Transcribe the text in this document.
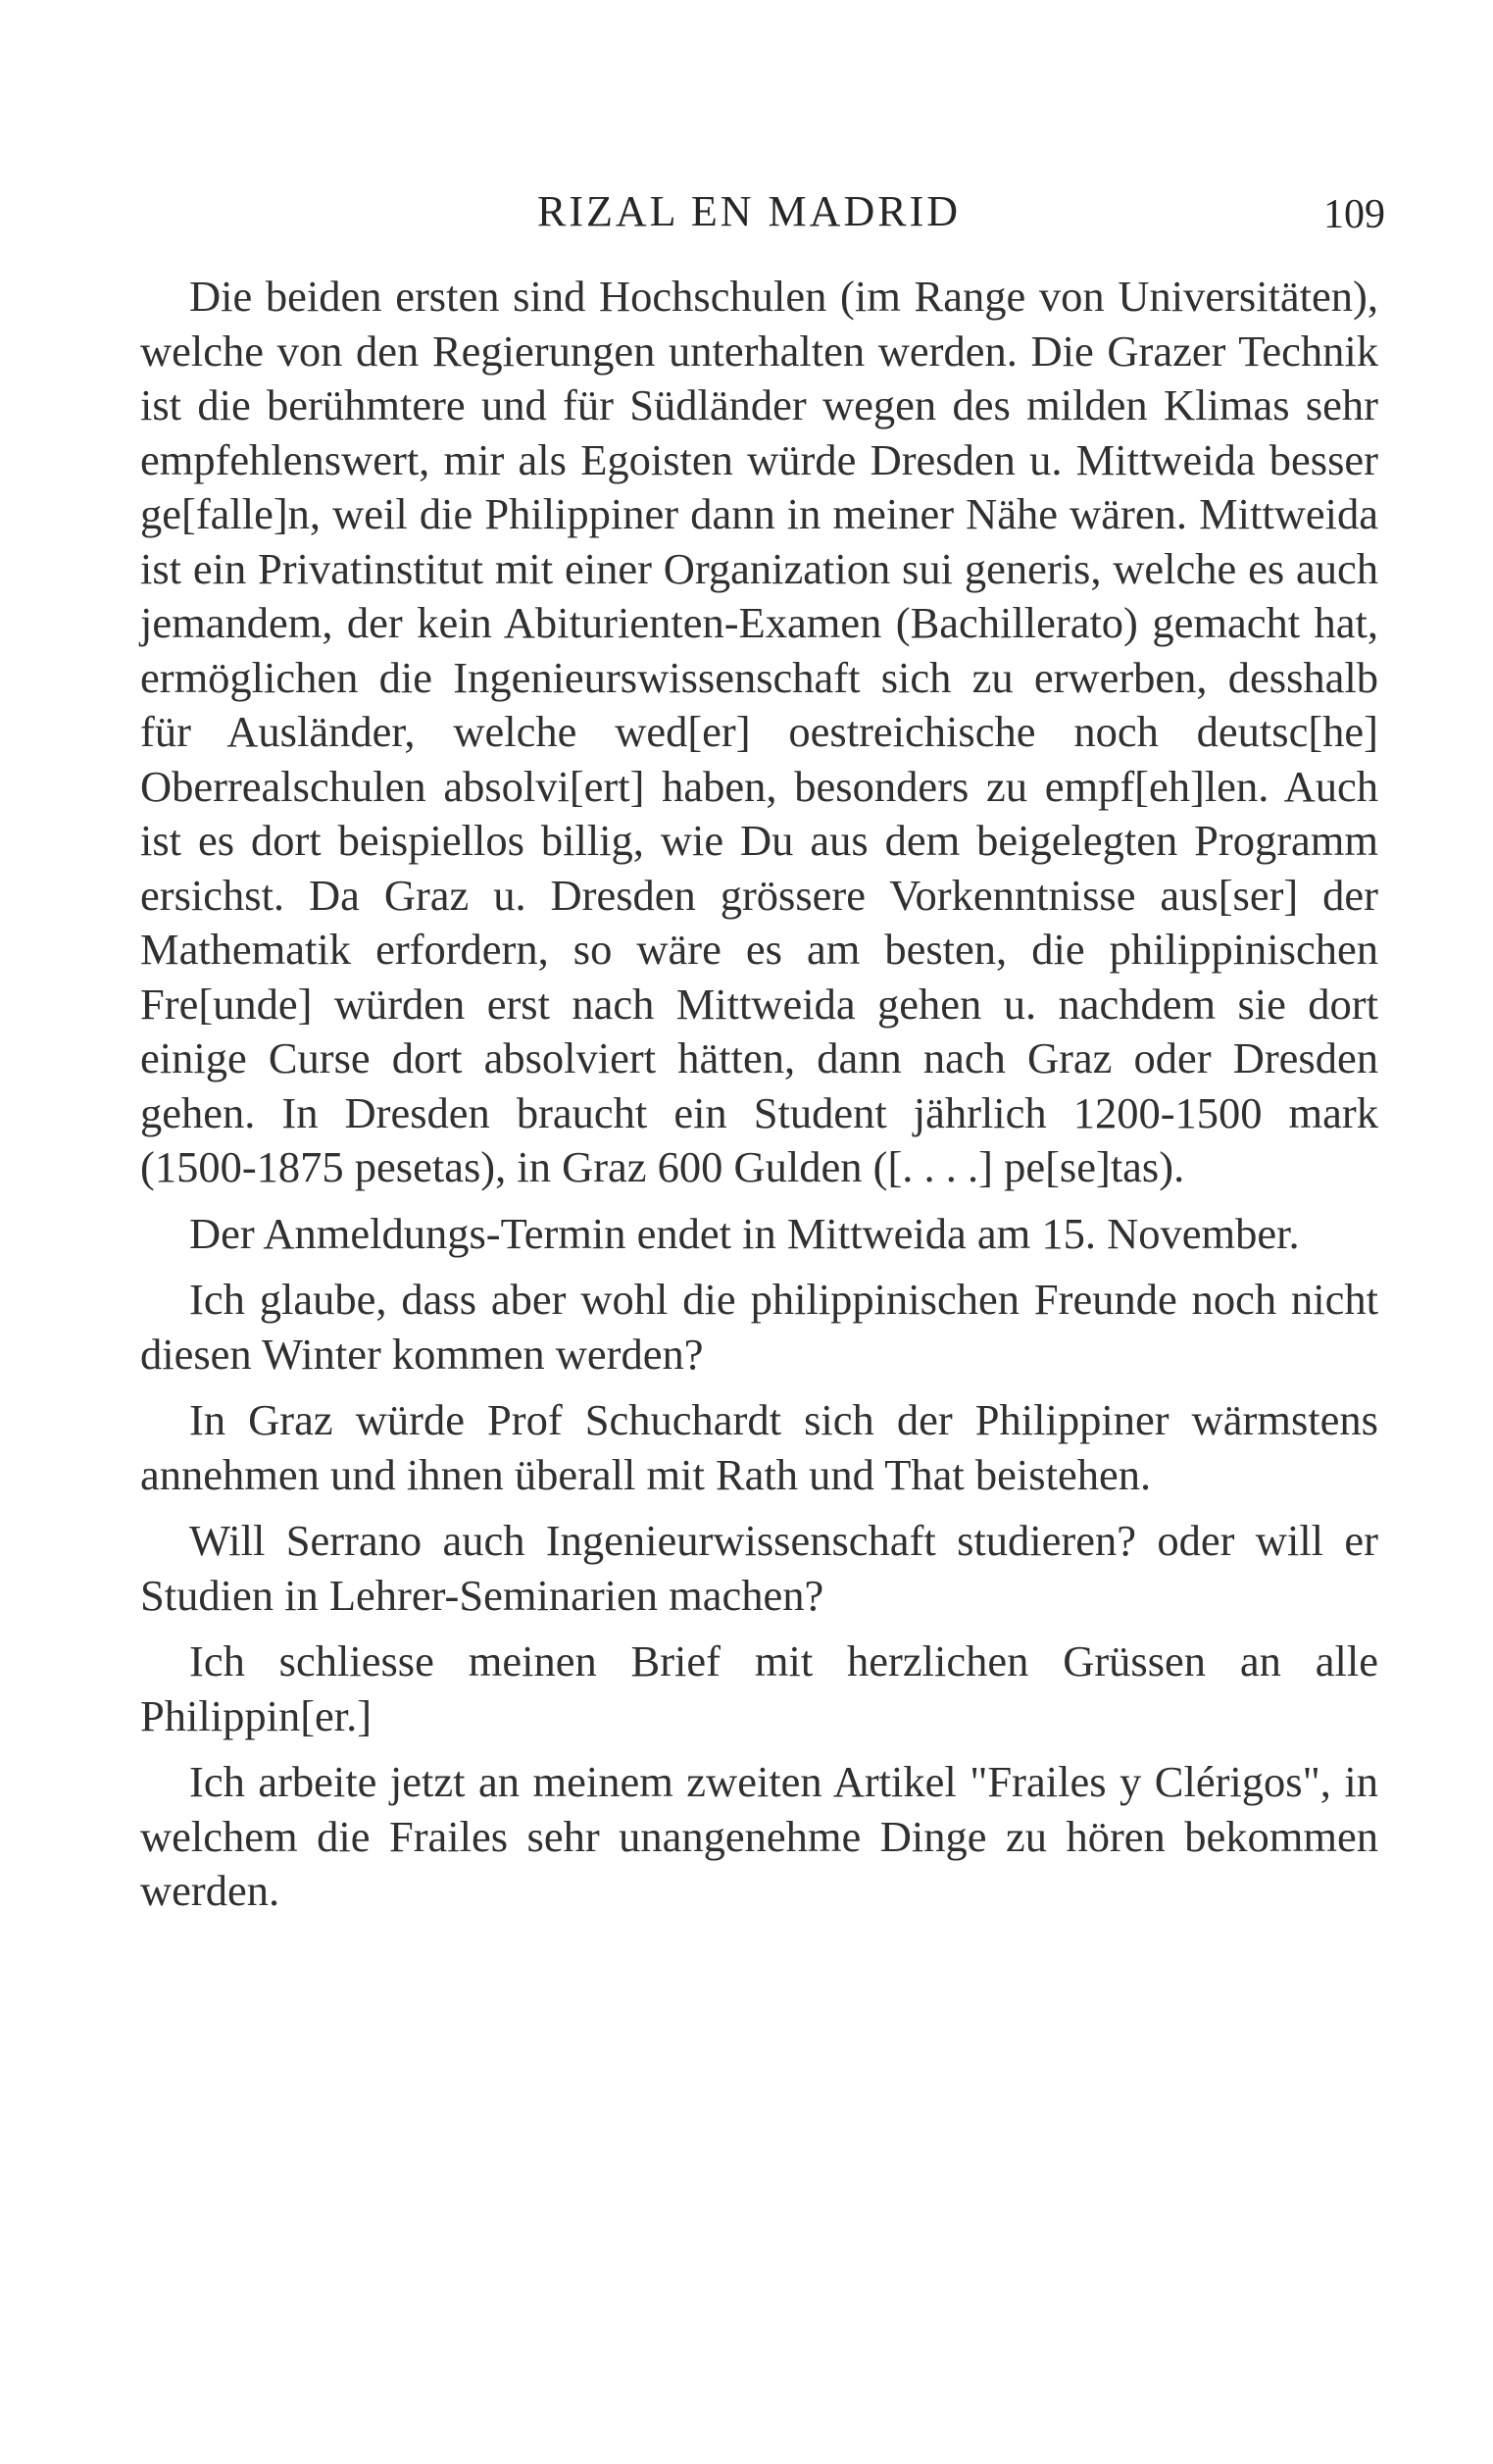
RIZAL EN MADRID	109

Die beiden ersten sind Hochschulen (im Range von Universitäten), welche von den Regierungen unterhalten werden. Die Grazer Technik ist die berühmtere und für Südländer wegen des milden Klimas sehr empfehlenswert, mir als Egoisten würde Dresden u. Mittweida besser ge[falle]n, weil die Philippiner dann in meiner Nähe wären. Mittweida ist ein Privatinstitut mit einer Organization sui generis, welche es auch jemandem, der kein Abiturienten-Examen (Bachillerato) gemacht hat, ermöglichen die Ingenieurswissenschaft sich zu erwerben, desshalb für Ausländer, welche wed[er] oestreichische noch deutsc[he] Oberrealschulen absolvi[ert] haben, besonders zu empf[eh]len. Auch ist es dort beispiellos billig, wie Du aus dem beigelegten Programm ersichst. Da Graz u. Dresden grössere Vorkenntnisse aus[ser] der Mathematik erfordern, so wäre es am besten, die philippinischen Fre[unde] würden erst nach Mittweida gehen u. nachdem sie dort einige Curse dort absolviert hätten, dann nach Graz oder Dresden gehen. In Dresden braucht ein Student jährlich 1200-1500 mark (1500-1875 pesetas), in Graz 600 Gulden ([. . . .] pe[se]tas).

Der Anmeldungs-Termin endet in Mittweida am 15. November.

Ich glaube, dass aber wohl die philippinischen Freunde noch nicht diesen Winter kommen werden?

In Graz würde Prof Schuchardt sich der Philippiner wärmstens annehmen und ihnen überall mit Rath und That beistehen.

Will Serrano auch Ingenieurwissenschaft studieren? oder will er Studien in Lehrer-Seminarien machen?

Ich schliesse meinen Brief mit herzlichen Grüssen an alle Philippin[er.]

Ich arbeite jetzt an meinem zweiten Artikel "Frailes y Clérigos", in welchem die Frailes sehr unangenehme Dinge zu hören bekommen werden.
